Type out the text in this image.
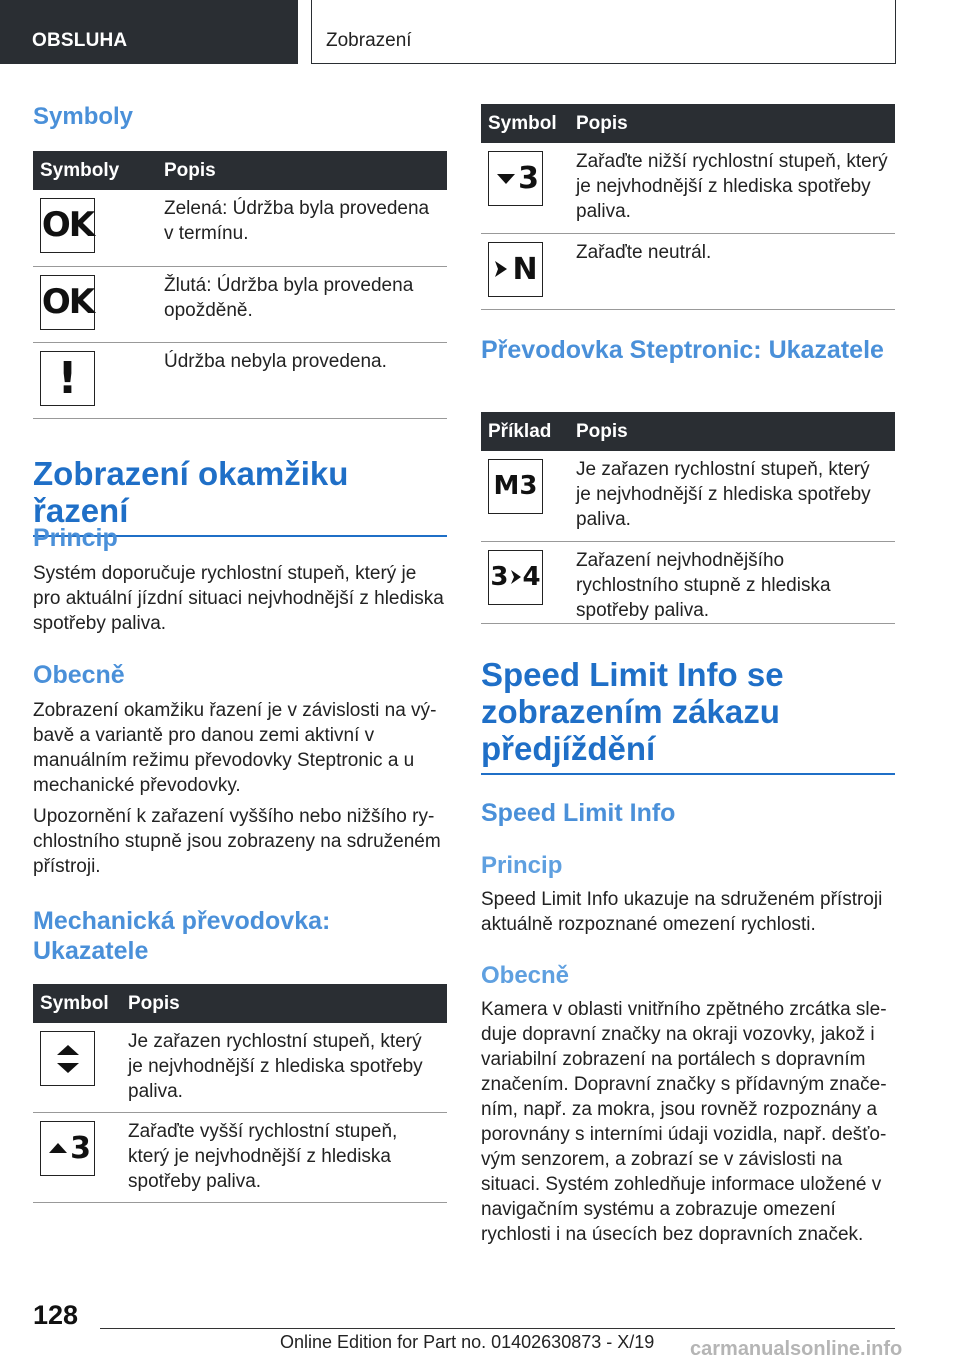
OBSLUHA	Zobrazení
Symboly
Symboly	Popis

OK	Zelená: Údržba byla provedena v termínu.

OK	Žlutá: Údržba byla provedena opožděně.

!	Údržba nebyla provedena.
Zobrazení okamžiku řazení
Princip

Systém doporučuje rychlostní stupeň, který je pro aktuální jízdní situaci nejvhodnější z hlediska spotřeby paliva.

Obecně

Zobrazení okamžiku řazení je v závislosti na výbavě a variantě pro danou zemi aktivní v manuálním režimu převodovky Steptronic a u mechanické převodovky.

Upozornění k zařazení vyššího nebo nižšího rychlostního stupně jsou zobrazeny na sdruženém přístroji.

Mechanická převodovka: Ukazatele
Symbol	Popis

	Je zařazen rychlostní stupeň, který je nejvhodnější z hlediska spotřeby paliva.

3	Zařaďte vyšší rychlostní stupeň, který je nejvhodnější z hlediska spotřeby paliva.
Symbol	Popis

3	Zařaďte nižší rychlostní stupeň, který je nejvhodnější z hlediska spotřeby paliva.

N	Zařaďte neutrál.
Převodovka Steptronic: Ukazatele
Příklad	Popis

M3	Je zařazen rychlostní stupeň, který je nejvhodnější z hlediska spotřeby paliva.

3 4	Zařazení nejvhodnějšího rychlostního stupně z hlediska spotřeby paliva.
Speed Limit Info se zobrazením zákazu předjíždění
Speed Limit Info
Princip

Speed Limit Info ukazuje na sdruženém přístroji aktuálně rozpoznané omezení rychlosti.

Obecně

Kamera v oblasti vnitřního zpětného zrcátka sleduje dopravní značky na okraji vozovky, jakož i variabilní zobrazení na portálech s dopravním značením. Dopravní značky s přídavným značením, např. za mokra, jsou rovněž rozpoznány a porovnány s interními údaji vozidla, např. dešťovým senzorem, a zobrazí se v závislosti na situaci. Systém zohledňuje informace uložené v navigačním systému a zobrazuje omezení rychlosti i na úsecích bez dopravních značek.

128
Online Edition for Part no. 01402630873 - X/19 carmanualsonline.info
